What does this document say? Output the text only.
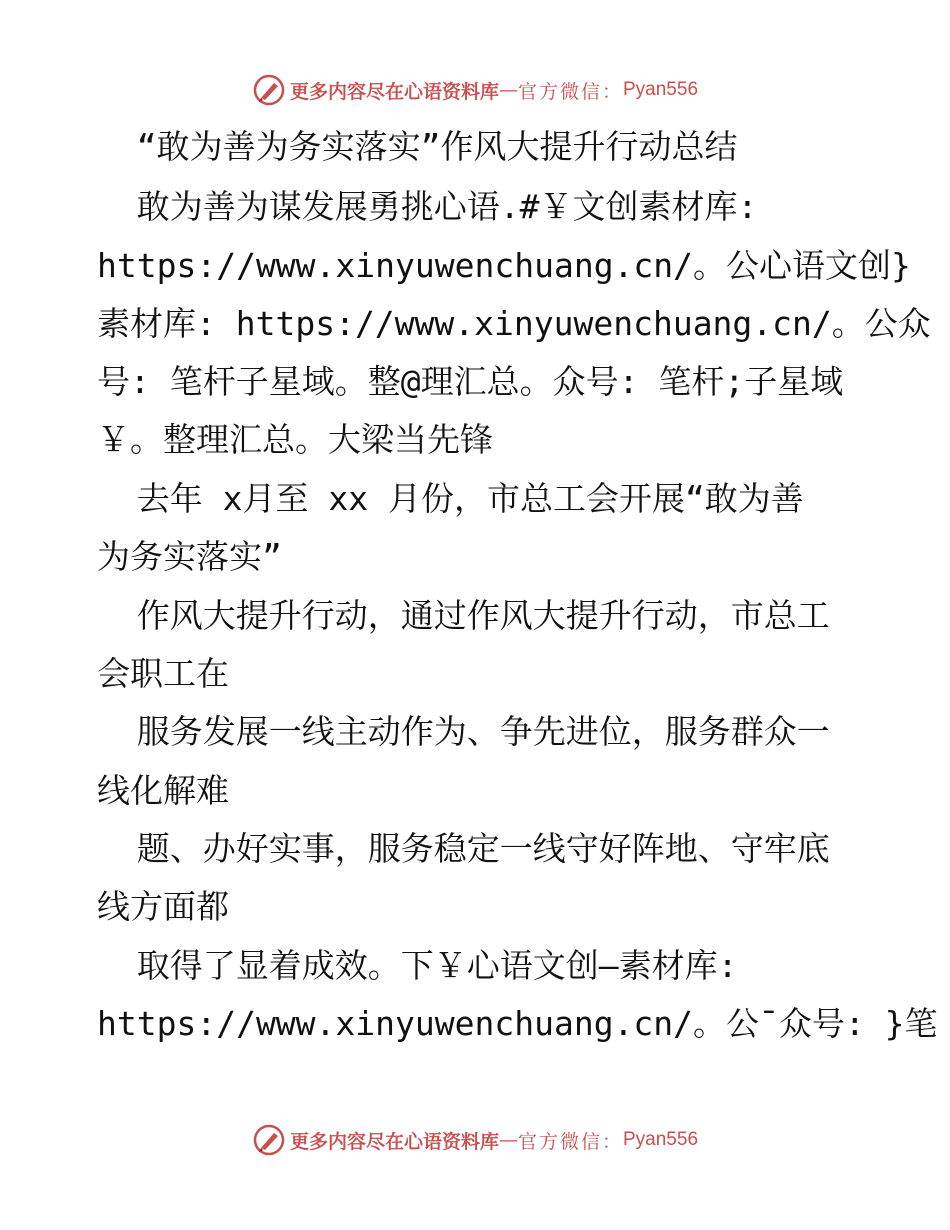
更多内容尽在心语资料库 — 官方微信： Pyan556
“敢为善为务实落实”作风大提升行动总结
敢为善为谋发展勇挑心语.#￥文创素材库:
https://www.xinyuwenchuang.cn/。公心语文创}
素材库: https://www.xinyuwenchuang.cn/。公众
号: 笔杆子星域。整@理汇总。众号: 笔杆;子星域
￥。整理汇总。大梁当先锋
去年 x月至 xx 月份，市总工会开展“敢为善
为务实落实”
作风大提升行动，通过作风大提升行动，市总工
会职工在
服务发展一线主动作为、争先进位，服务群众一
线化解难
题、办好实事，服务稳定一线守好阵地、守牢底
线方面都
取得了显着成效。下￥心语文创—素材库:
https://www.xinyuwenchuang.cn/。公¯众号: }笔
更多内容尽在心语资料库 — 官方微信： Pyan556
